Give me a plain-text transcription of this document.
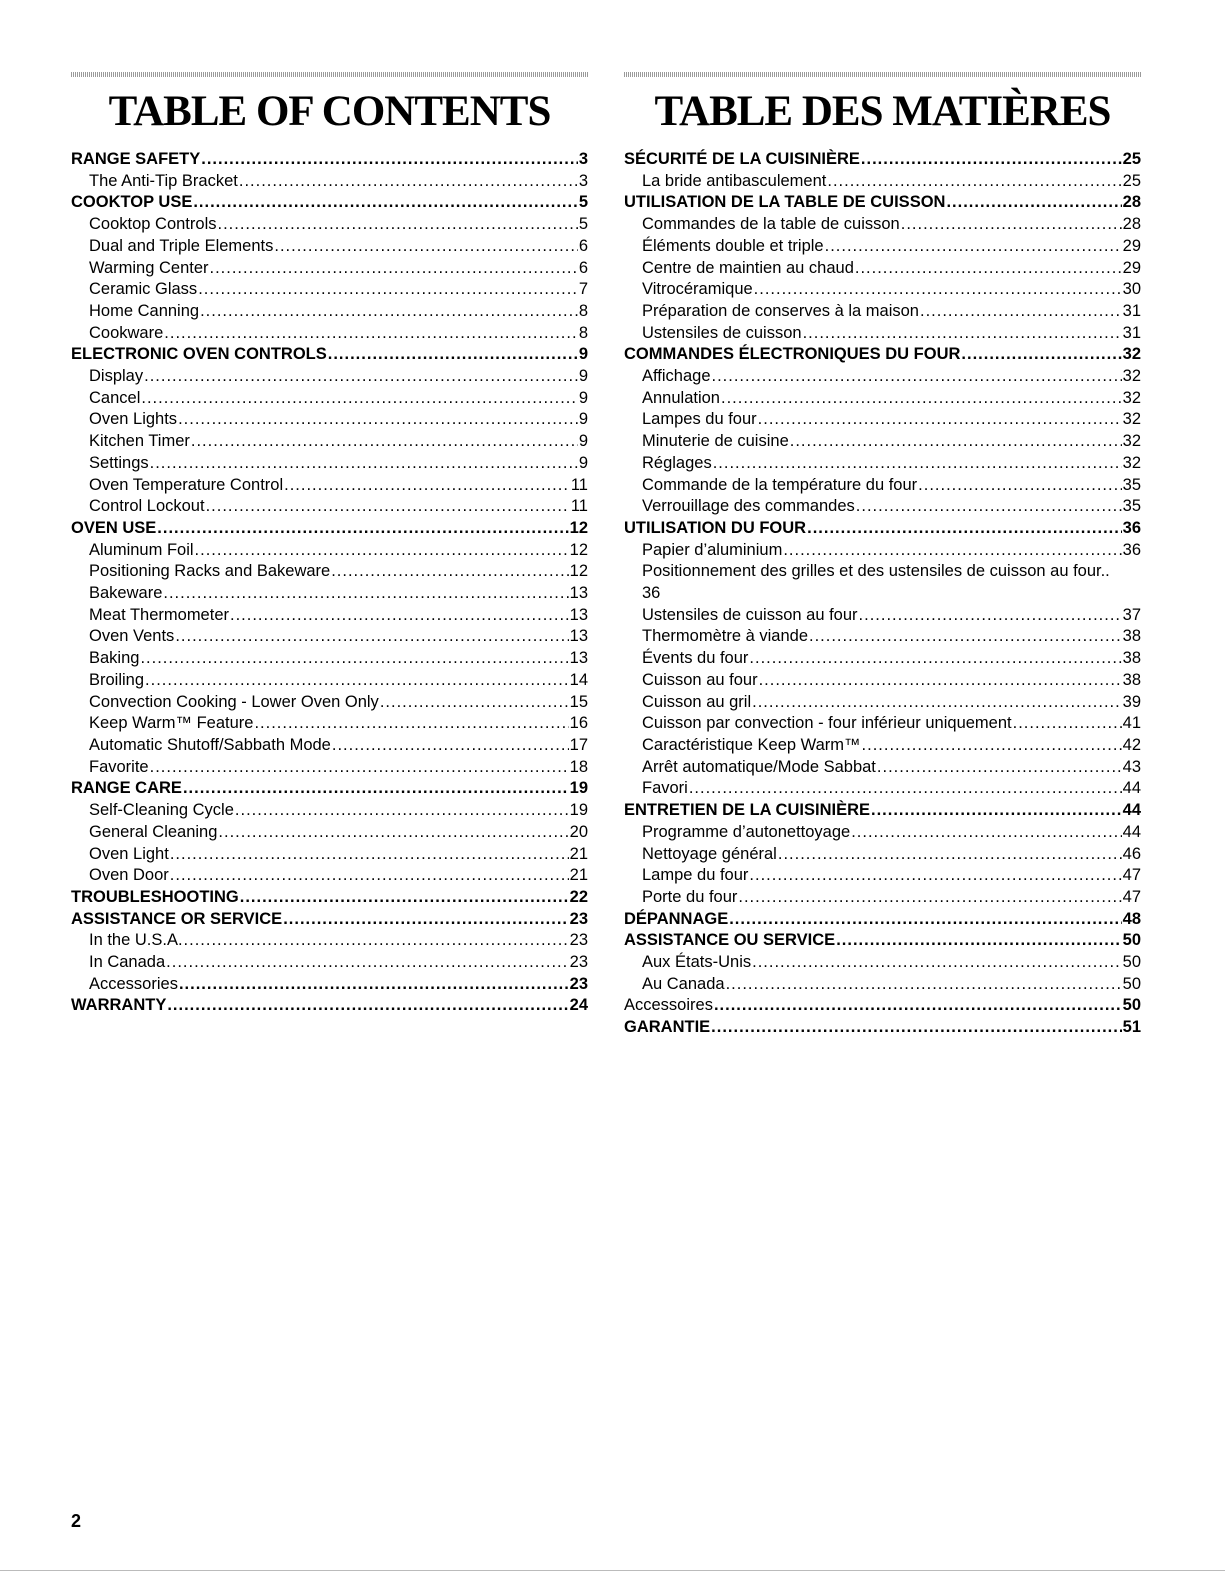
TABLE OF CONTENTS
RANGE SAFETY .....	3
The Anti-Tip Bracket .....	3
COOKTOP USE .....	5
Cooktop Controls .....	5
Dual and Triple Elements .....	6
Warming Center .....	6
Ceramic Glass .....	7
Home Canning .....	8
Cookware .....	8
ELECTRONIC OVEN CONTROLS .....	9
Display .....	9
Cancel .....	9
Oven Lights .....	9
Kitchen Timer .....	9
Settings .....	9
Oven Temperature Control .....	11
Control Lockout .....	11
OVEN USE .....	12
Aluminum Foil .....	12
Positioning Racks and Bakeware .....	12
Bakeware .....	13
Meat Thermometer .....	13
Oven Vents .....	13
Baking .....	13
Broiling .....	14
Convection Cooking - Lower Oven Only .....	15
Keep Warm™ Feature .....	16
Automatic Shutoff/Sabbath Mode .....	17
Favorite .....	18
RANGE CARE .....	19
Self-Cleaning Cycle .....	19
General Cleaning .....	20
Oven Light .....	21
Oven Door .....	21
TROUBLESHOOTING .....	22
ASSISTANCE OR SERVICE .....	23
In the U.S.A. .....	23
In Canada .....	23
Accessories .....	23
WARRANTY .....	24
TABLE DES MATIÈRES
SÉCURITÉ DE LA CUISINIÈRE .....	25
La bride antibasculement .....	25
UTILISATION DE LA TABLE DE CUISSON .....	28
Commandes de la table de cuisson .....	28
Éléments double et triple .....	29
Centre de maintien au chaud .....	29
Vitrocéramique .....	30
Préparation de conserves à la maison .....	31
Ustensiles de cuisson .....	31
COMMANDES ÉLECTRONIQUES DU FOUR .....	32
Affichage .....	32
Annulation .....	32
Lampes du four .....	32
Minuterie de cuisine .....	32
Réglages .....	32
Commande de la température du four .....	35
Verrouillage des commandes .....	35
UTILISATION DU FOUR .....	36
Papier d’aluminium .....	36
Positionnement des grilles et des ustensiles de cuisson au four..
36
Ustensiles de cuisson au four .....	37
Thermomètre à viande .....	38
Évents du four .....	38
Cuisson au four .....	38
Cuisson au gril .....	39
Cuisson par convection - four inférieur uniquement .....	41
Caractéristique Keep Warm™ .....	42
Arrêt automatique/Mode Sabbat .....	43
Favori .....	44
ENTRETIEN DE LA CUISINIÈRE .....	44
Programme d’autonettoyage .....	44
Nettoyage général .....	46
Lampe du four .....	47
Porte du four .....	47
DÉPANNAGE .....	48
ASSISTANCE OU SERVICE .....	50
Aux États-Unis .....	50
Au Canada .....	50
Accessoires .....	50
GARANTIE .....	51
2
